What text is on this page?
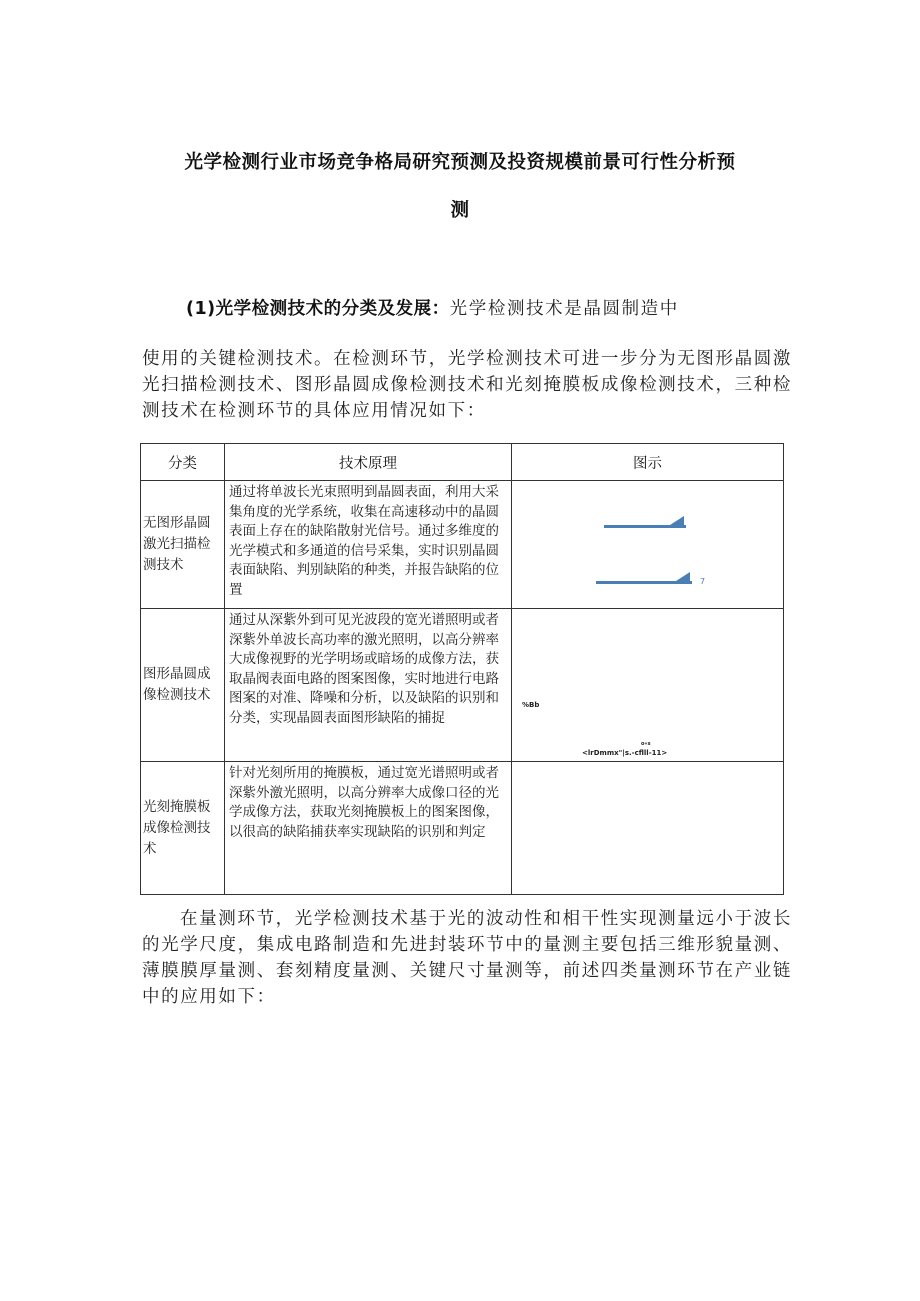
光学检测行业市场竞争格局研究预测及投资规模前景可行性分析预
测
(1)光学检测技术的分类及发展：光学检测技术是晶圆制造中
使用的关键检测技术。在检测环节，光学检测技术可进一步分为无图形晶圆激光扫描检测技术、图形晶圆成像检测技术和光刻掩膜板成像检测技术，三种检测技术在检测环节的具体应用情况如下：
分类	技术原理	图示
无图形晶圆激光扫描检测技术	通过将单波长光束照明到晶圆表面，利用大采集角度的光学系统，收集在高速移动中的晶圆表面上存在的缺陷散射光信号。通过多维度的光学模式和多通道的信号采集，实时识别晶圆表面缺陷、判别缺陷的种类，并报告缺陷的位置	7

图形晶圆成像检测技术	通过从深紫外到可见光波段的宽光谱照明或者深紫外单波长高功率的激光照明，以高分辨率大成像视野的光学明场或暗场的成像方法，获取晶阀表面电路的图案图像，实时地进行电路图案的对准、降噪和分析，以及缺陷的识别和分类，实现晶圆表面图形缺陷的捕捉	%Bb
o«s
<lrDmmx"|s.-cflll-11>

光刻掩膜板成像检测技术	针对光刻所用的掩膜板，通过宽光谱照明或者深紫外激光照明，以高分辨率大成像口径的光学成像方法，获取光刻掩膜板上的图案图像，以很高的缺陷捕获率实现缺陷的识别和判定	
在量测环节，光学检测技术基于光的波动性和相干性实现测量远小于波长的光学尺度，集成电路制造和先进封装环节中的量测主要包括三维形貌量测、薄膜膜厚量测、套刻精度量测、关键尺寸量测等，前述四类量测环节在产业链中的应用如下：
